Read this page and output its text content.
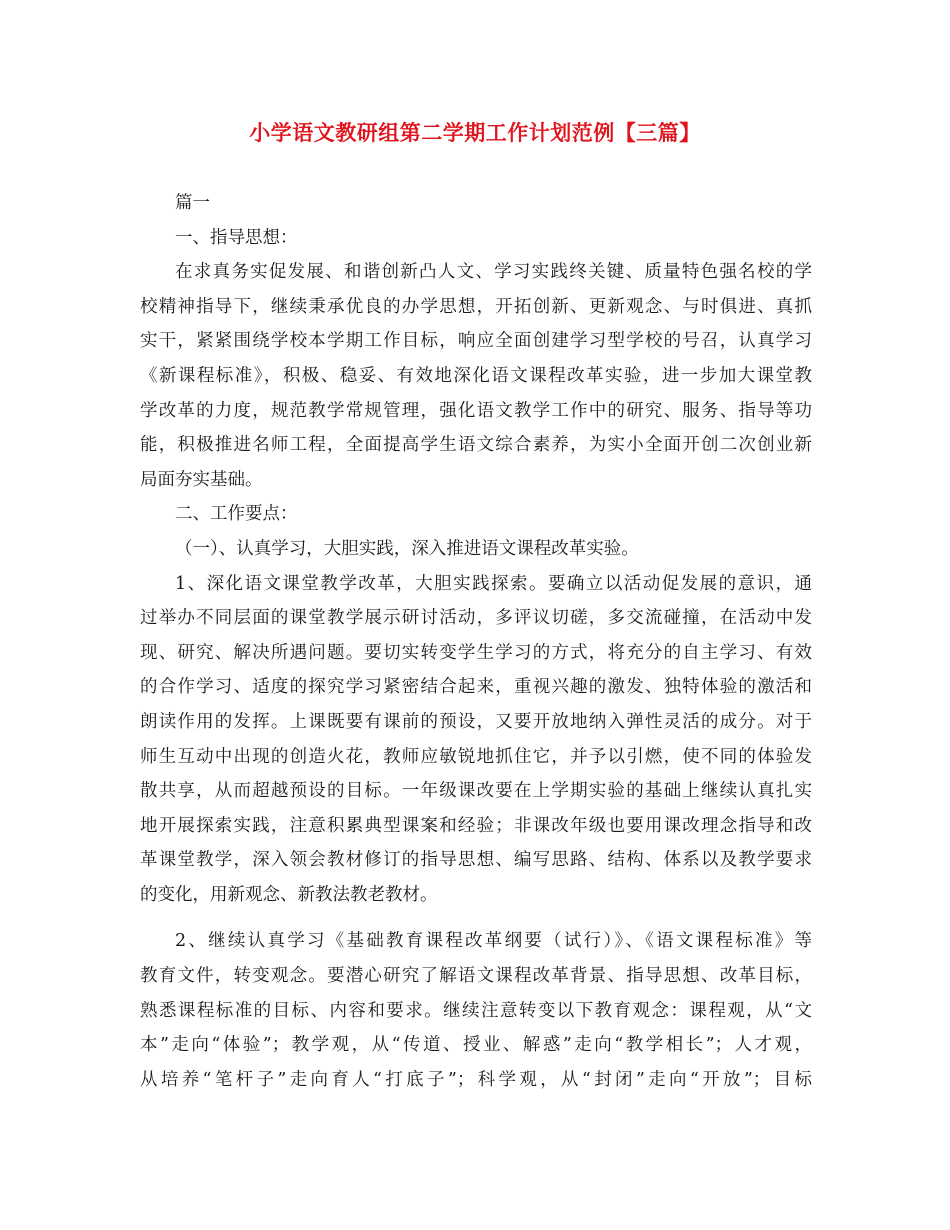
小学语文教研组第二学期工作计划范例【三篇】
篇一
一、指导思想：
在求真务实促发展、和谐创新凸人文、学习实践终关键、质量特色强名校的学
校精神指导下，继续秉承优良的办学思想，开拓创新、更新观念、与时俱进、真抓
实干，紧紧围绕学校本学期工作目标，响应全面创建学习型学校的号召，认真学习
《新课程标准》，积极、稳妥、有效地深化语文课程改革实验，进一步加大课堂教
学改革的力度，规范教学常规管理，强化语文教学工作中的研究、服务、指导等功
能，积极推进名师工程，全面提高学生语文综合素养，为实小全面开创二次创业新
局面夯实基础。
二、工作要点：
（一）、认真学习，大胆实践，深入推进语文课程改革实验。
1、深化语文课堂教学改革，大胆实践探索。要确立以活动促发展的意识，通
过举办不同层面的课堂教学展示研讨活动，多评议切磋，多交流碰撞，在活动中发
现、研究、解决所遇问题。要切实转变学生学习的方式，将充分的自主学习、有效
的合作学习、适度的探究学习紧密结合起来，重视兴趣的激发、独特体验的激活和
朗读作用的发挥。上课既要有课前的预设，又要开放地纳入弹性灵活的成分。对于
师生互动中出现的创造火花，教师应敏锐地抓住它，并予以引燃，使不同的体验发
散共享，从而超越预设的目标。一年级课改要在上学期实验的基础上继续认真扎实
地开展探索实践，注意积累典型课案和经验；非课改年级也要用课改理念指导和改
革课堂教学，深入领会教材修订的指导思想、编写思路、结构、体系以及教学要求
的变化，用新观念、新教法教老教材。
2、继续认真学习《基础教育课程改革纲要（试行）》、《语文课程标准》等
教育文件，转变观念。要潜心研究了解语文课程改革背景、指导思想、改革目标，
熟悉课程标准的目标、内容和要求。继续注意转变以下教育观念：课程观，从“文
本”走向“体验”；教学观，从“传道、授业、解惑”走向“教学相长”；人才观，
从培养“笔杆子”走向育人“打底子”；科学观，从“封闭”走向“开放”；目标
